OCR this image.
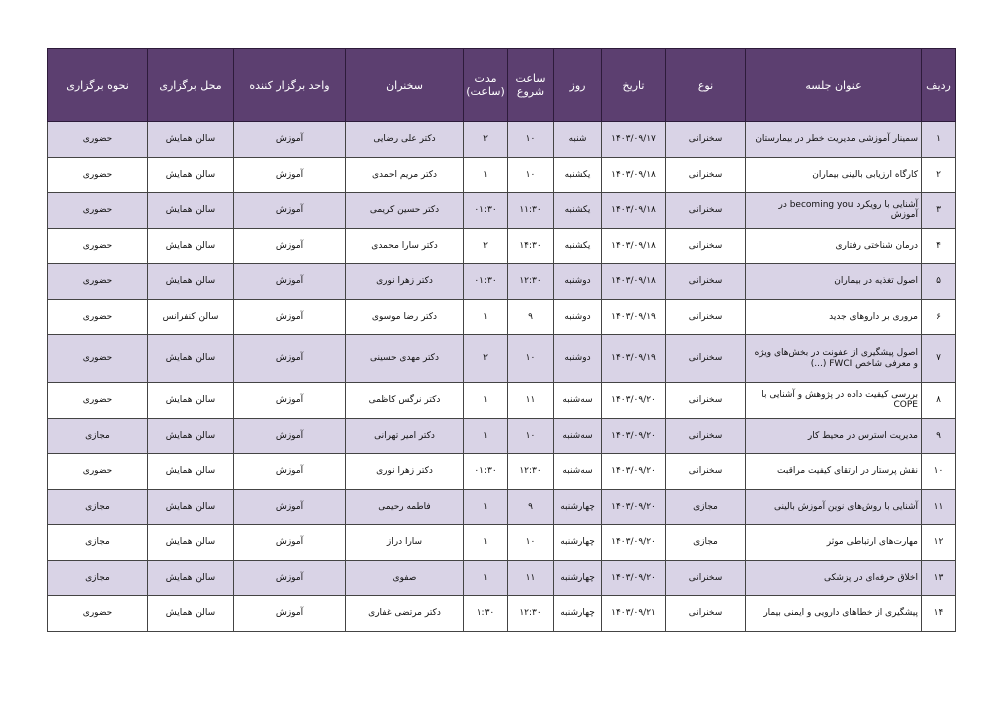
ردیف	عنوان جلسه	نوع	تاریخ	روز	ساعت شروع	مدت (ساعت)	سخنران	واحد برگزار کننده	محل برگزاری	نحوه برگزاری
۱	سمینار آموزشی مدیریت خطر در بیمارستان	سخنرانی	۱۴۰۳/۰۹/۱۷	شنبه	۱۰	۲	دکتر علی رضایی	آموزش	سالن همایش	حضوری
۲	کارگاه ارزیابی بالینی بیماران	سخنرانی	۱۴۰۳/۰۹/۱۸	یکشنبه	۱۰	۱	دکتر مریم احمدی	آموزش	سالن همایش	حضوری
۳	آشنایی با رویکرد becoming you در آموزش	سخنرانی	۱۴۰۳/۰۹/۱۸	یکشنبه	۱۱:۳۰	۰۱:۳۰	دکتر حسین کریمی	آموزش	سالن همایش	حضوری
۴	درمان شناختی رفتاری	سخنرانی	۱۴۰۳/۰۹/۱۸	یکشنبه	۱۴:۳۰	۲	دکتر سارا محمدی	آموزش	سالن همایش	حضوری
۵	اصول تغذیه در بیماران	سخنرانی	۱۴۰۳/۰۹/۱۸	دوشنبه	۱۲:۳۰	۰۱:۳۰	دکتر زهرا نوری	آموزش	سالن همایش	حضوری
۶	مروری بر داروهای جدید	سخنرانی	۱۴۰۳/۰۹/۱۹	دوشنبه	۹	۱	دکتر رضا موسوی	آموزش	سالن کنفرانس	حضوری
۷	اصول پیشگیری از عفونت در بخش‌های ویژه و معرفی شاخص FWCI (...)	سخنرانی	۱۴۰۳/۰۹/۱۹	دوشنبه	۱۰	۲	دکتر مهدی حسینی	آموزش	سالن همایش	حضوری
۸	بررسی کیفیت داده در پژوهش و آشنایی با COPE	سخنرانی	۱۴۰۳/۰۹/۲۰	سه‌شنبه	۱۱	۱	دکتر نرگس کاظمی	آموزش	سالن همایش	حضوری
۹	مدیریت استرس در محیط کار	سخنرانی	۱۴۰۳/۰۹/۲۰	سه‌شنبه	۱۰	۱	دکتر امیر تهرانی	آموزش	سالن همایش	مجازی
۱۰	نقش پرستار در ارتقای کیفیت مراقبت	سخنرانی	۱۴۰۳/۰۹/۲۰	سه‌شنبه	۱۲:۳۰	۰۱:۳۰	دکتر زهرا نوری	آموزش	سالن همایش	حضوری
۱۱	آشنایی با روش‌های نوین آموزش بالینی	مجازی	۱۴۰۳/۰۹/۲۰	چهارشنبه	۹	۱	فاطمه رحیمی	آموزش	سالن همایش	مجازی
۱۲	مهارت‌های ارتباطی موثر	مجازی	۱۴۰۳/۰۹/۲۰	چهارشنبه	۱۰	۱	سارا دراز	آموزش	سالن همایش	مجازی
۱۳	اخلاق حرفه‌ای در پزشکی	سخنرانی	۱۴۰۳/۰۹/۲۰	چهارشنبه	۱۱	۱	صفوی	آموزش	سالن همایش	مجازی
۱۴	پیشگیری از خطاهای دارویی و ایمنی بیمار	سخنرانی	۱۴۰۳/۰۹/۲۱	چهارشنبه	۱۲:۳۰	۱:۳۰	دکتر مرتضی غفاری	آموزش	سالن همایش	حضوری
